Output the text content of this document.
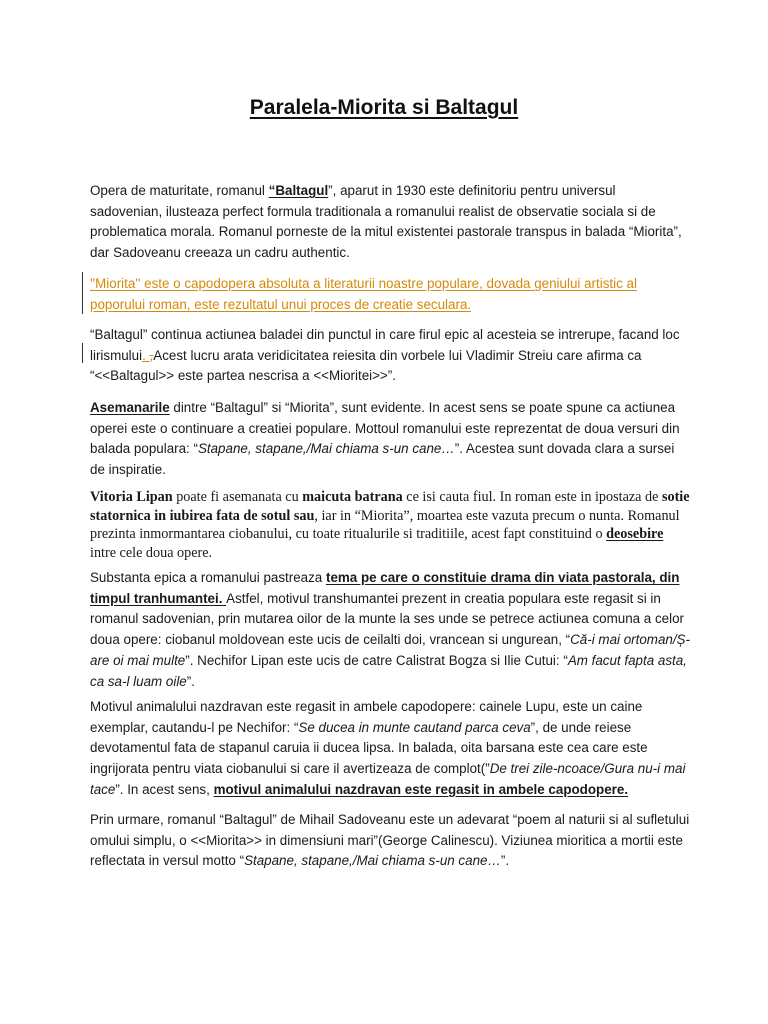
Paralela-Miorita si Baltagul
Opera de maturitate, romanul “Baltagul”, aparut in 1930 este definitoriu pentru universul sadovenian, ilusteaza perfect formula traditionala a romanului realist de observatie sociala si de problematica morala. Romanul porneste de la mitul existentei pastorale transpus in balada “Miorita”, dar Sadoveanu creeaza un cadru authentic.
''Miorita'' este o capodopera absoluta a literaturii noastre populare, dovada geniului artistic al poporului roman, este rezultatul unui proces de creatie seculara.
“Baltagul” continua actiunea baladei din punctul in care firul epic al acesteia se intrerupe, facand loc lirismului. ,Acest lucru arata veridicitatea reiesita din vorbele lui Vladimir Streiu care afirma ca “<<Baltagul>> este partea nescrisa a <<Mioritei>>”.
Asemanarile dintre “Baltagul” si “Miorita”, sunt evidente. In acest sens se poate spune ca actiunea operei este o continuare a creatiei populare. Mottoul romanului este reprezentat de doua versuri din balada populara: “Stapane, stapane,/Mai chiama s-un cane…”. Acestea sunt dovada clara a sursei de inspiratie.
Vitoria Lipan poate fi asemanata cu maicuta batrana ce isi cauta fiul. In roman este in ipostaza de sotie statornica in iubirea fata de sotul sau, iar in “Miorita”, moartea este vazuta precum o nunta. Romanul prezinta inmormantarea ciobanului, cu toate ritualurile si traditiile, acest fapt constituind o deosebire intre cele doua opere.
Substanta epica a romanului pastreaza tema pe care o constituie drama din viata pastorala, din timpul tranhumantei. Astfel, motivul transhumantei prezent in creatia populara este regasit si in romanul sadovenian, prin mutarea oilor de la munte la ses unde se petrece actiunea comuna a celor doua opere: ciobanul moldovean este ucis de ceilalti doi, vrancean si ungurean, “Că-i mai ortoman/Ș-are oi mai multe”. Nechifor Lipan este ucis de catre Calistrat Bogza si Ilie Cutui: “Am facut fapta asta, ca sa-l luam oile”.
Motivul animalului nazdravan este regasit in ambele capodopere: cainele Lupu, este un caine exemplar, cautandu-l pe Nechifor: “Se ducea in munte cautand parca ceva”, de unde reiese devotamentul fata de stapanul caruia ii ducea lipsa. In balada, oita barsana este cea care este ingrijorata pentru viata ciobanului si care il avertizeaza de complot(”De trei zile-ncoace/Gura nu-i mai tace”. In acest sens, motivul animalului nazdravan este regasit in ambele capodopere.
Prin urmare, romanul “Baltagul” de Mihail Sadoveanu este un adevarat “poem al naturii si al sufletului omului simplu, o <<Miorita>> in dimensiuni mari”(George Calinescu). Viziunea mioritica a mortii este reflectata in versul motto “Stapane, stapane,/Mai chiama s-un cane…”.
